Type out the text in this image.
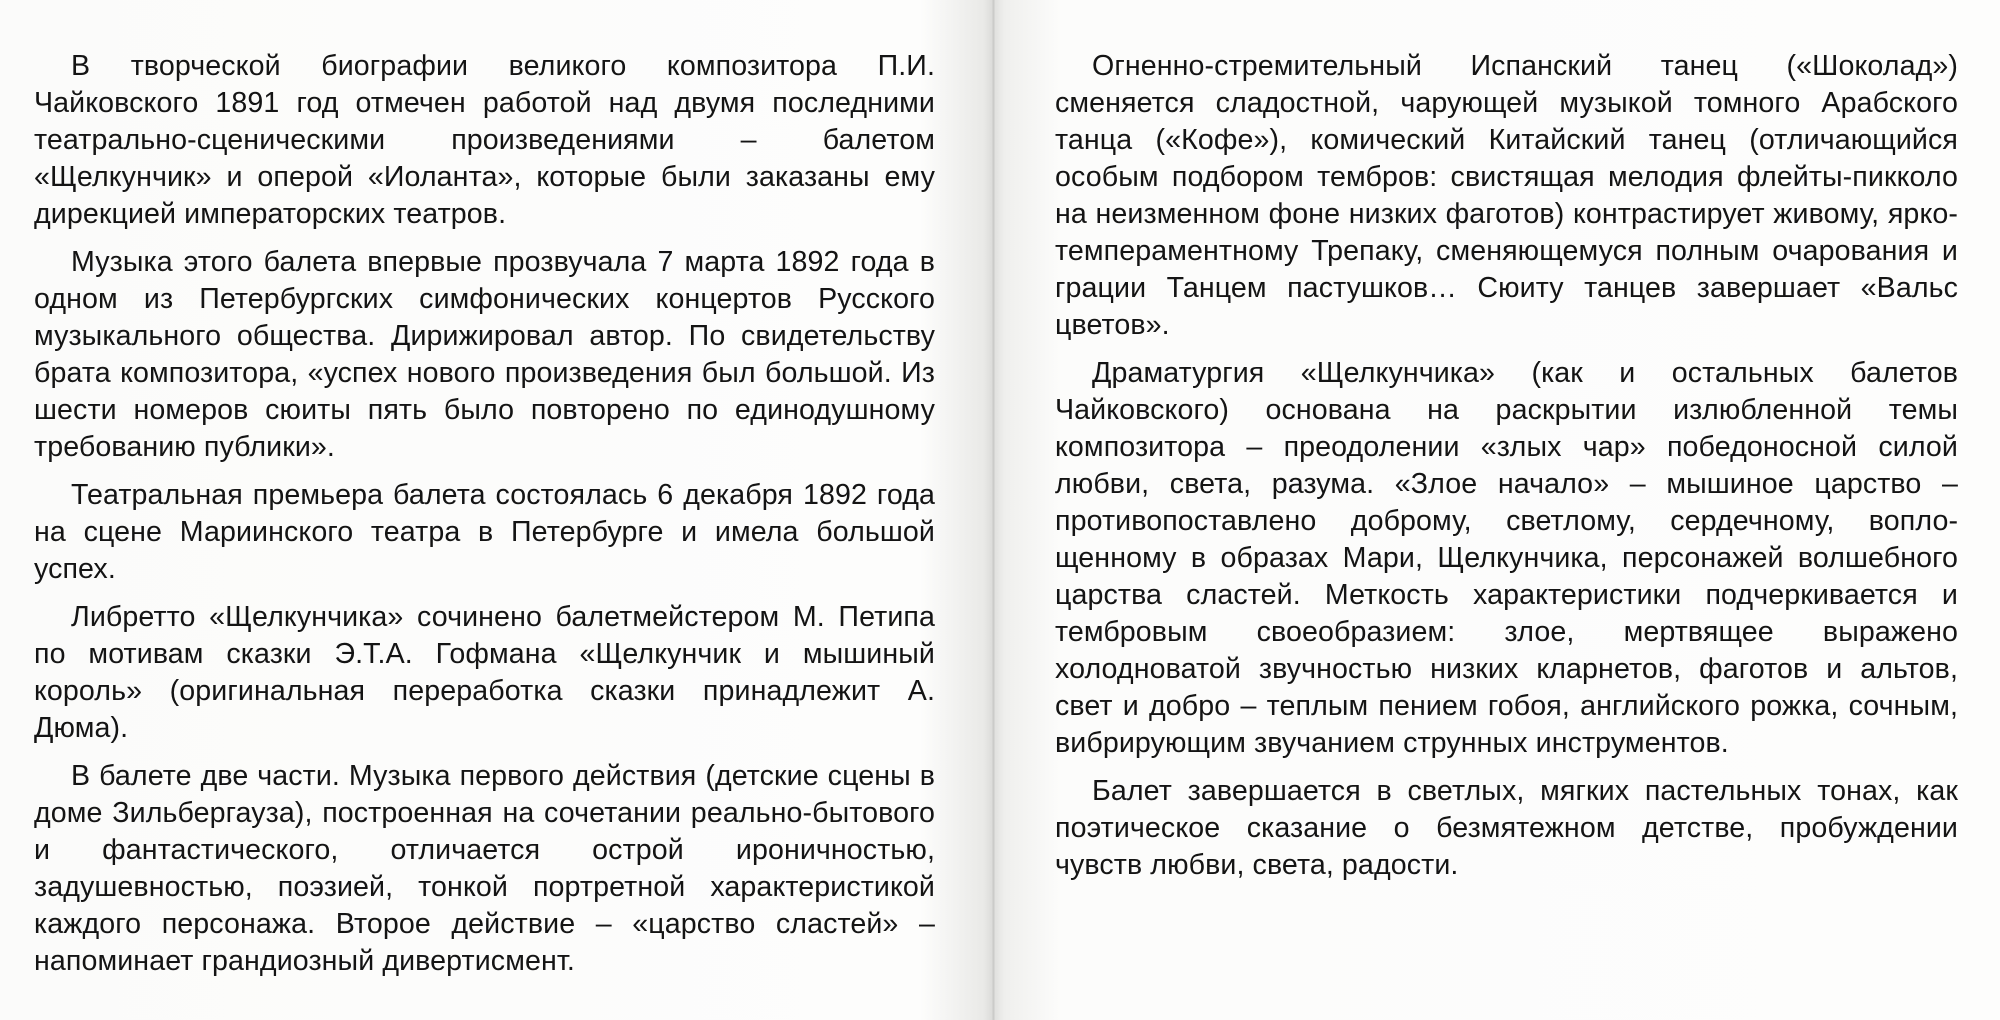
В творческой биографии великого композитора П.И. Чайковского 1891 год отмечен работой над двумя последними театрально-сценическими произведениями – балетом «Щелкунчик» и оперой «Иоланта», которые были заказаны ему дирекцией императорских театров.

Музыка этого балета впервые прозвучала 7 марта 1892 года в одном из Петербургских симфонических концертов Русского музыкального общества. Дирижировал автор. По свидетельству брата композитора, «успех нового произведения был большой. Из шести номеров сюиты пять было повторено по единодушному требованию публики».

Театральная премьера балета состоялась 6 декабря 1892 года на сцене Мариинского театра в Петербурге и имела большой успех.

Либретто «Щелкунчика» сочинено балетмейстером М. Петипа по мотивам сказки Э.Т.А. Гофмана «Щелкунчик и мышиный король» (оригинальная переработка сказки принадлежит А. Дюма).

В балете две части. Музыка первого действия (детские сцены в доме Зильбергауза), построенная на сочетании реально-бытового и фантастического, отличается острой ироничностью, задушевностью, поэзией, тонкой портретной характеристикой каждого персонажа. Второе действие – «царство сластей» – напоминает грандиозный дивертисмент.

Огненно-стремительный Испанский танец («Шоколад») сменяется сладостной, чарующей музыкой томного Арабского танца («Кофе»), комический Китайский танец (отличающийся особым подбором тембров: свистящая мелодия флейты-пикколо на неизменном фоне низких фаготов) контрастирует живому, ярко-темпераментному Трепаку, сменяющемуся полным очарования и грации Танцем пастушков… Сюиту танцев завершает «Вальс цветов».

Драматургия «Щелкунчика» (как и остальных балетов Чайковского) основана на раскрытии излюбленной темы композитора – преодолении «злых чар» победоносной силой любви, света, разума. «Злое начало» – мышиное царство – противопоставлено доброму, светлому, сердечному, воплощенному в образах Мари, Щелкунчика, персонажей волшебного царства сластей. Меткость характеристики подчеркивается и тембровым своеобразием: злое, мертвящее выражено холодноватой звучностью низких кларнетов, фаготов и альтов, свет и добро – теплым пением гобоя, английского рожка, сочным, вибрирующим звучанием струнных инструментов.

Балет завершается в светлых, мягких пастельных тонах, как поэтическое сказание о безмятежном детстве, пробуждении чувств любви, света, радости.
